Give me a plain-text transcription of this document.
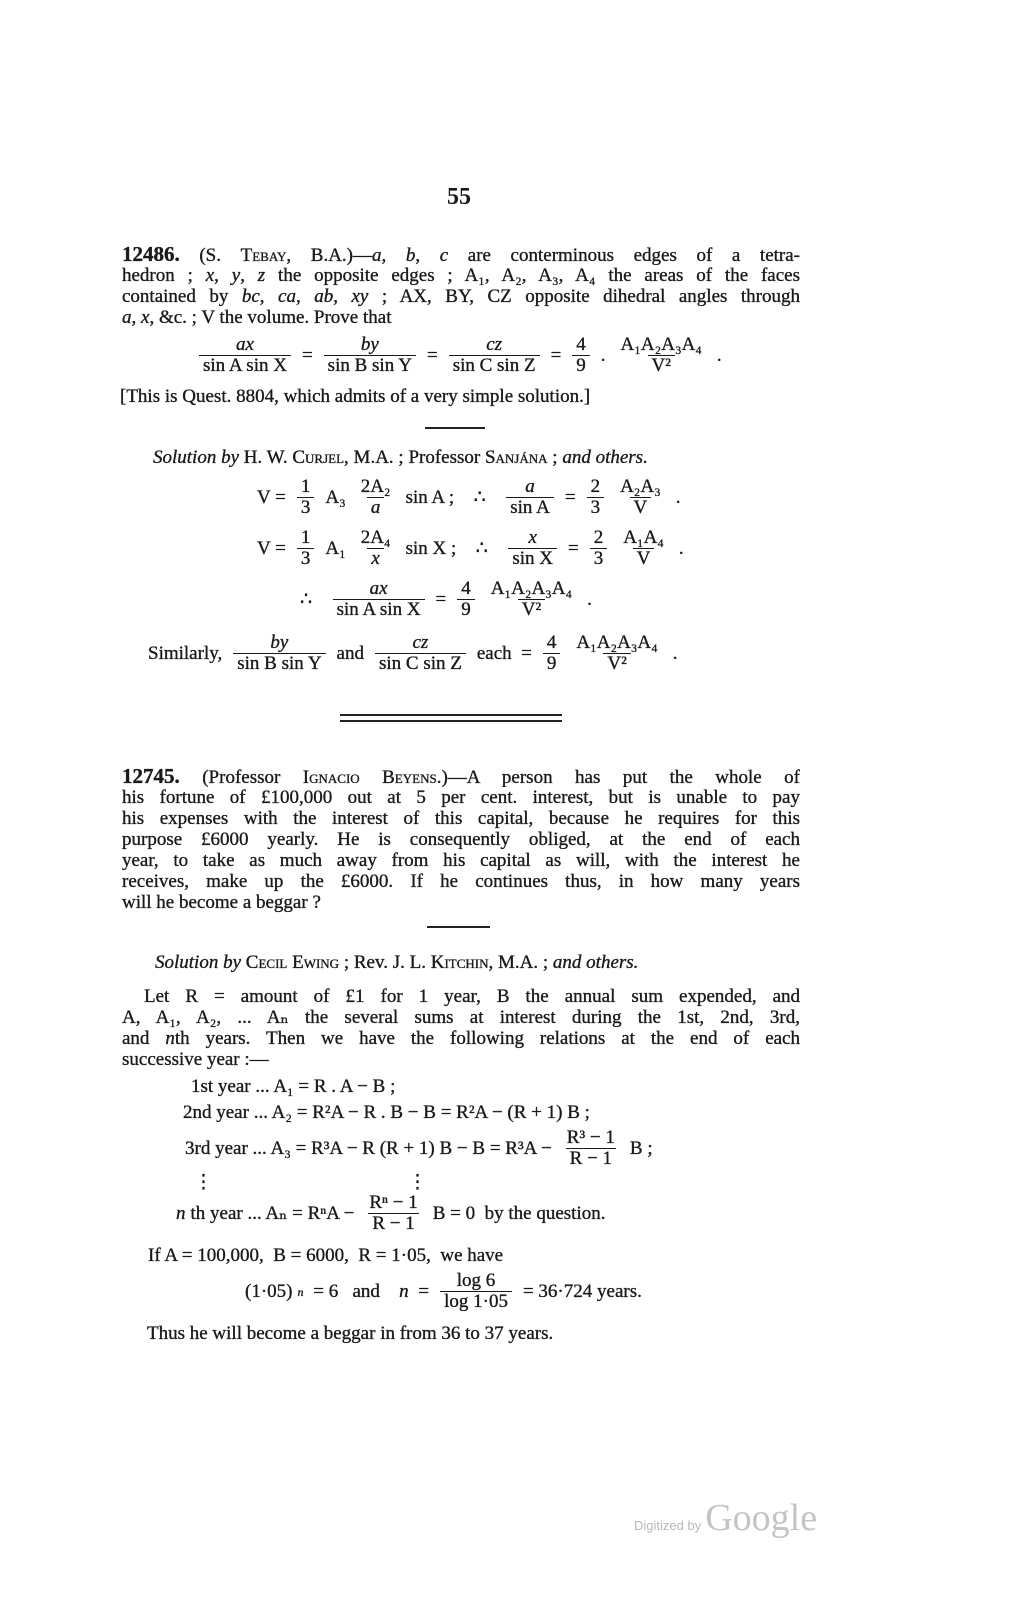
55
12486. (S. Tebay, B.A.)—a, b, c are conterminous edges of a tetra-
hedron ; x, y, z the opposite edges ; A₁, A₂, A₃, A₄ the areas of the faces
contained by bc, ca, ab, xy ; AX, BY, CZ opposite dihedral angles through
a, x, &c. ; V the volume. Prove that
$\frac{ax}{\text{sin A sin X}} = \frac{by}{\text{sin B sin Y}} = \frac{cz}{\text{sin C sin Z}} = \frac{4}{9}$ . $\frac{\text{A₁A₂A₃A₄}}{\text{V²}}$ .
[This is Quest. 8804, which admits of a very simple solution.]
Solution by H. W. Curjel, M.A. ; Professor Sanjána ; and others.
$V = \frac{1}{3} A_3 \frac{\text{2A₂}}{a}$ sin A ; ∴ $\frac{a}{\text{sin A}} = \frac{2}{3} \frac{\text{A₂A₃}}{V}$ .
$V = \frac{1}{3} A_1 \frac{\text{2A₄}}{x}$ sin X ; ∴ $\frac{x}{\text{sin X}} = \frac{2}{3} \frac{\text{A₁A₄}}{V}$ .
∴ $\frac{ax}{\text{sin A sin X}} = \frac{4}{9} \frac{\text{A₁A₂A₃A₄}}{\text{V²}}$ .
Similarly, $\frac{by}{\text{sin B sin Y}}$ and $\frac{cz}{\text{sin C sin Z}}$ each  = $\frac{4}{9} \frac{\text{A₁A₂A₃A₄}}{\text{V²}}$ .
12745. (Professor Ignacio Beyens.)—A person has put the whole of
his fortune of £100,000 out at 5 per cent. interest, but is unable to pay
his expenses with the interest of this capital, because he requires for this
purpose £6000 yearly. He is consequently obliged, at the end of each
year, to take as much away from his capital as will, with the interest he
receives, make up the £6000. If he continues thus, in how many years
will he become a beggar ?
Solution by Cecil Ewing ; Rev. J. L. Kitchin, M.A. ; and others.
Let R = amount of £1 for 1 year, B the annual sum expended, and
A, A₁, A₂, ... Aₙ the several sums at interest during the 1st, 2nd, 3rd,
and nth years. Then we have the following relations at the end of each
successive year :—
1st year ... A₁ = R . A − B ;
2nd year ... A₂ = R²A − R . B − B = R²A − (R + 1) B ;
3rd year ... A₃ = R³A − R (R + 1) $B - B = R^3A - \frac{\text{R³ − 1}}{R - 1}$ B ;
⋮	⋮
n th year ... $A_n = R^nA - \frac{\text{Rⁿ − 1}}{R - 1}$ B = 0  by the question.
If A = 100,000,  B = 6000,  R = 1·05,  we have
(1·05) n = 6   and $n = \frac{\log 6}{\log 1\cdot 05} = 36\cdot 724$ years.
Thus he will become a beggar in from 36 to 37 years.
Digitized by Google
